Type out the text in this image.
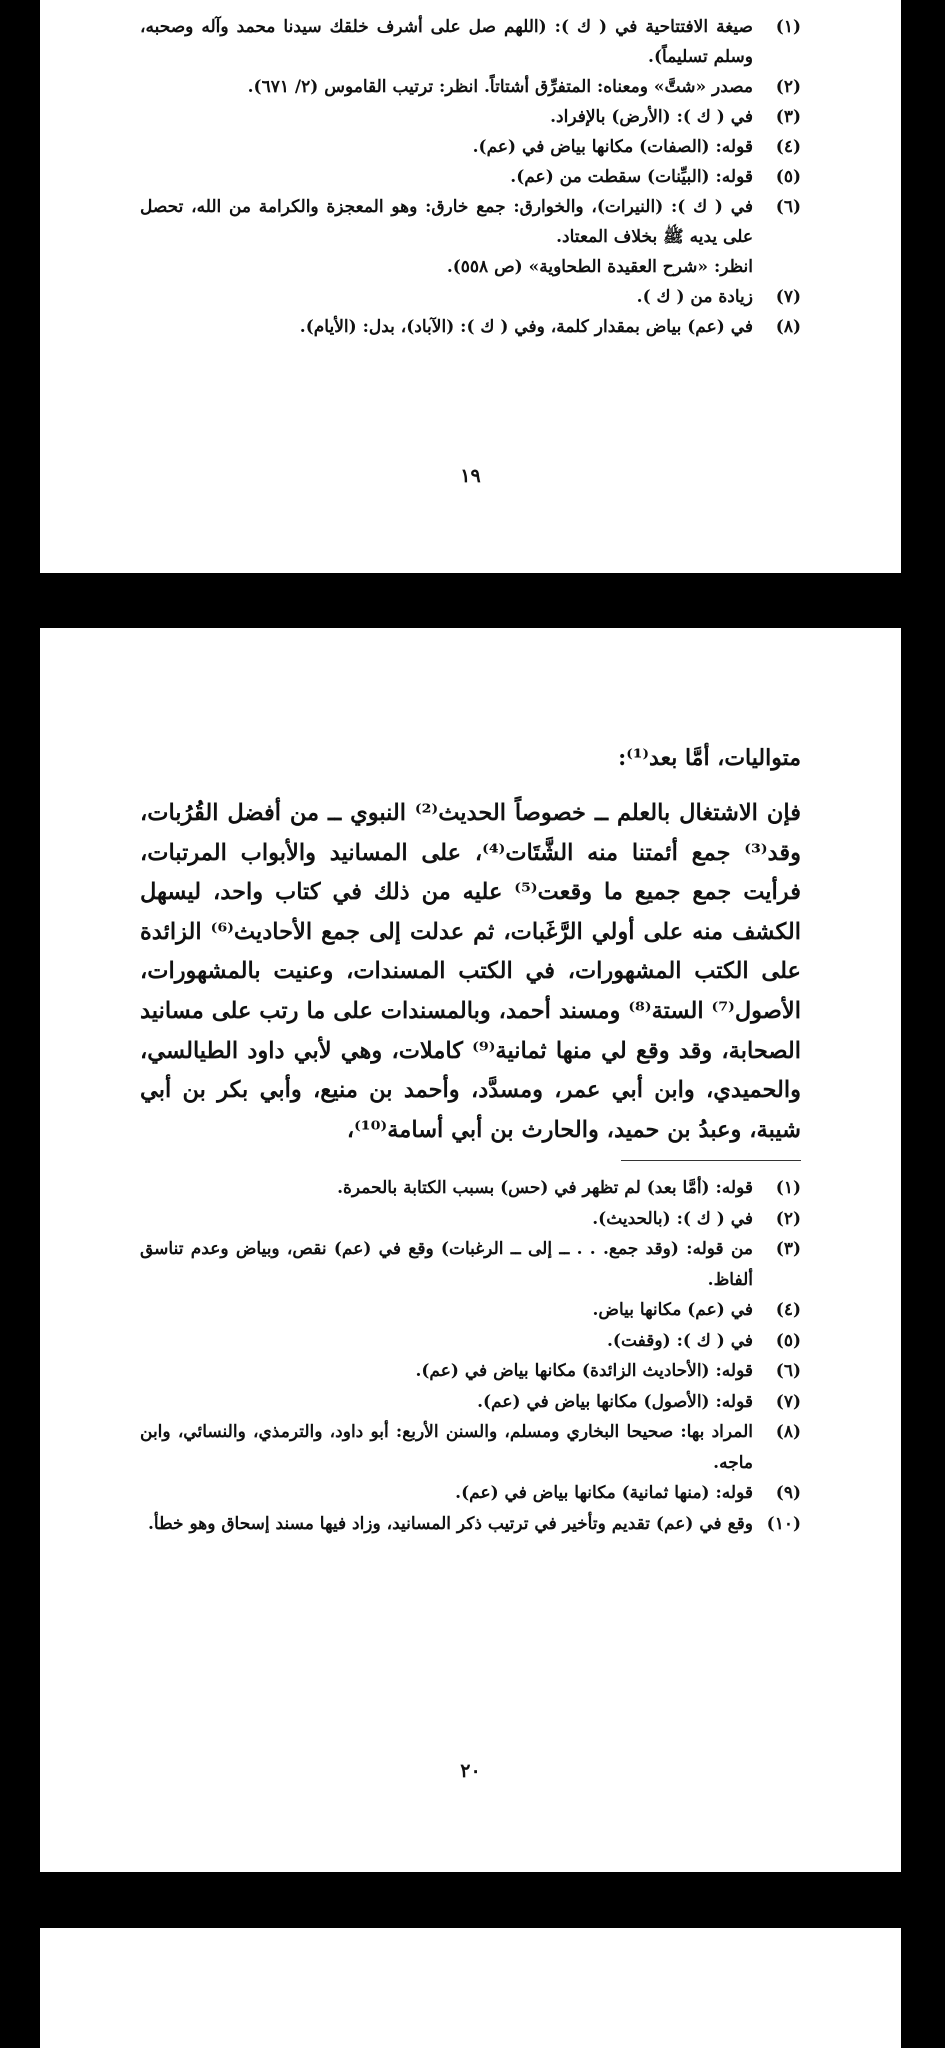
(١)
صيغة الافتتاحية في ( ك ): (اللهم صل على أشرف خلقك سيدنا محمد وآله وصحبه، وسلم تسليماً).
(٢)
مصدر «شتَّ» ومعناه: المتفرِّق أشتاتاً. انظر: ترتيب القاموس (٢/ ٦٧١).
(٣)
في ( ك ): (الأرض) بالإفراد.
(٤)
قوله: (الصفات) مكانها بياض في (عم).
(٥)
قوله: (البيِّنات) سقطت من (عم).
(٦)
في ( ك ): (النيرات)، والخوارق: جمع خارق: وهو المعجزة والكرامة من الله، تحصل على يديه ﷺ بخلاف المعتاد.
انظر: «شرح العقيدة الطحاوية» (ص ٥٥٨).
(٧)
زيادة من ( ك ).
(٨)
في (عم) بياض بمقدار كلمة، وفي ( ك ): (الآباد)، بدل: (الأيام).
١٩

متواليات، أمَّا بعد⁽¹⁾:

فإن الاشتغال بالعلم ــ خصوصاً الحديث⁽²⁾ النبوي ــ من أفضل القُرُبات، وقد⁽³⁾ جمع أئمتنا منه الشَّتَات⁽⁴⁾، على المسانيد والأبواب المرتبات، فرأيت جمع جميع ما وقعت⁽⁵⁾ عليه من ذلك في كتاب واحد، ليسهل الكشف منه على أولي الرَّغَبات، ثم عدلت إلى جمع الأحاديث⁽⁶⁾ الزائدة على الكتب المشهورات، في الكتب المسندات، وعنيت بالمشهورات، الأصول⁽⁷⁾ الستة⁽⁸⁾ ومسند أحمد، وبالمسندات على ما رتب على مسانيد الصحابة، وقد وقع لي منها ثمانية⁽⁹⁾ كاملات، وهي لأبي داود الطيالسي، والحميدي، وابن أبي عمر، ومسدَّد، وأحمد بن منيع، وأبي بكر بن أبي شيبة، وعبدُ بن حميد، والحارث بن أبي أسامة⁽¹⁰⁾،

(١)
قوله: (أمَّا بعد) لم تظهر في (حس) بسبب الكتابة بالحمرة.
(٢)
في ( ك ): (بالحديث).
(٣)
من قوله: (وقد جمع. . . ــ إلى ــ الرغبات) وقع في (عم) نقص، وبياض وعدم تناسق ألفاظ.
(٤)
في (عم) مكانها بياض.
(٥)
في ( ك ): (وقفت).
(٦)
قوله: (الأحاديث الزائدة) مكانها بياض في (عم).
(٧)
قوله: (الأصول) مكانها بياض في (عم).
(٨)
المراد بها: صحيحا البخاري ومسلم، والسنن الأربع: أبو داود، والترمذي، والنسائي، وابن ماجه.
(٩)
قوله: (منها ثمانية) مكانها بياض في (عم).
(١٠)
وقع في (عم) تقديم وتأخير في ترتيب ذكر المسانيد، وزاد فيها مسند إسحاق وهو خطأ.
٢٠
